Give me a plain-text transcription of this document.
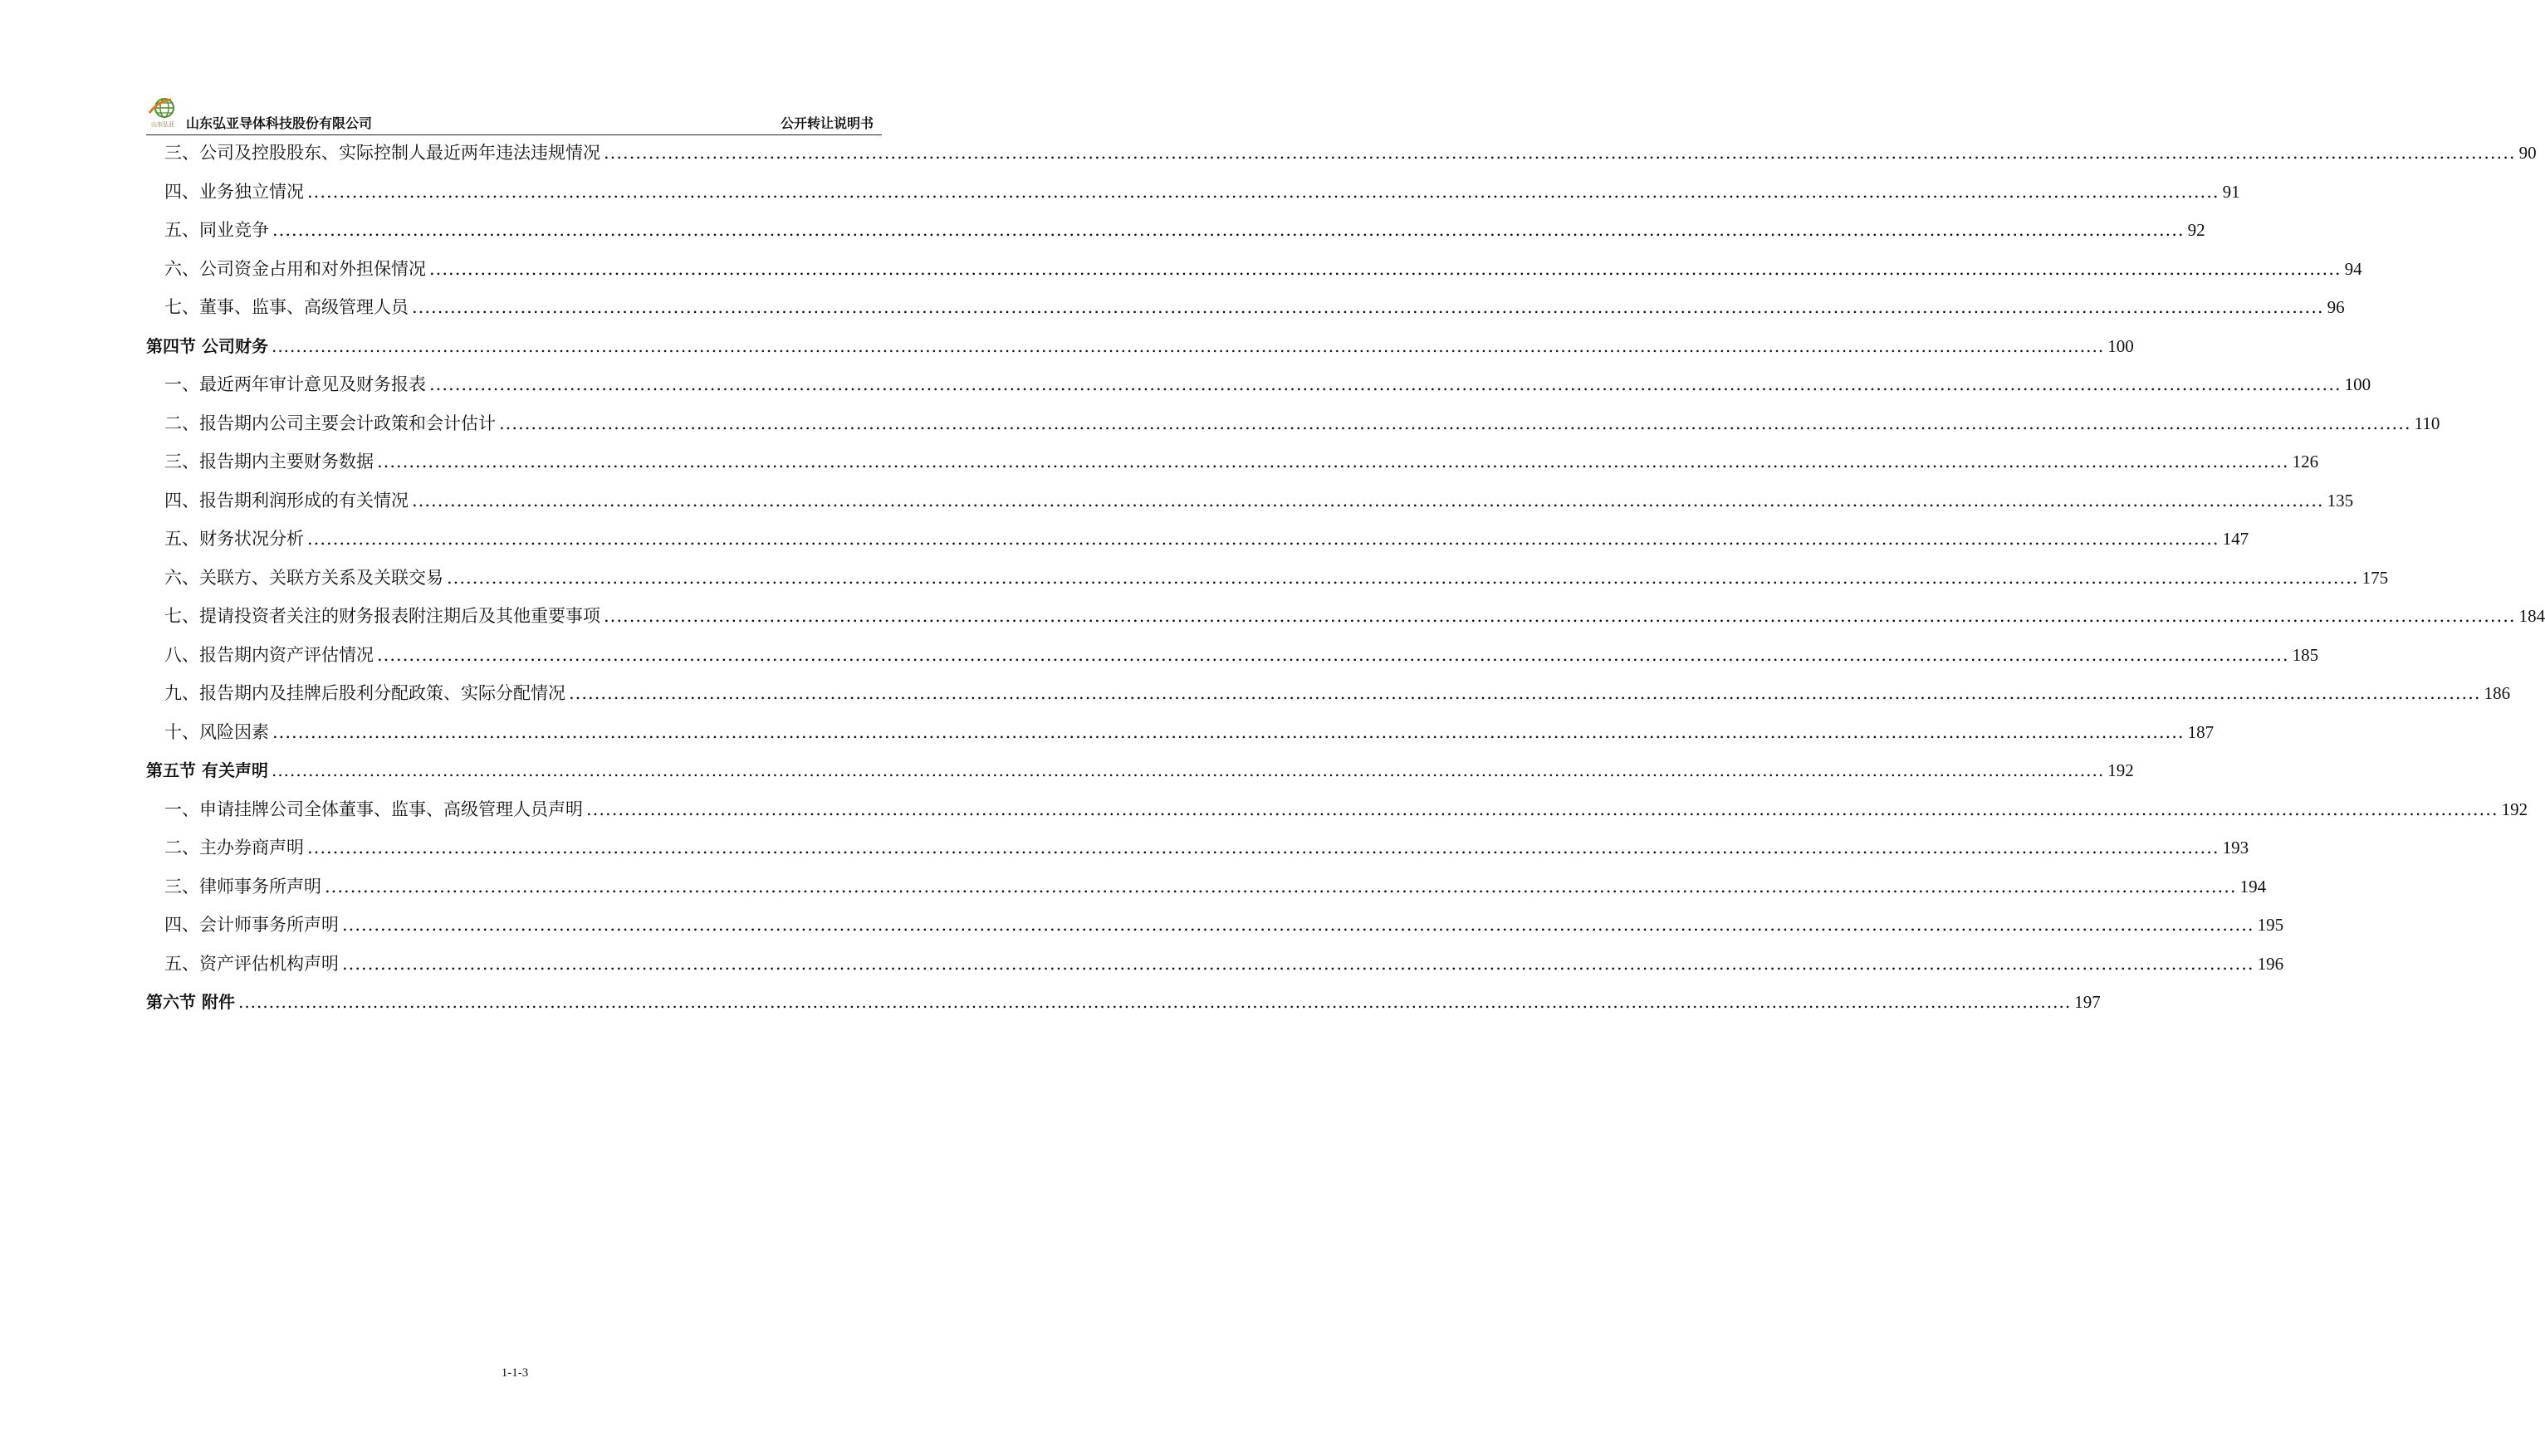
山东弘亚 山东弘亚导体科技股份有限公司	公开转让说明书
三、公司及控股股东、实际控制人最近两年违法违规情况 ............................................................................................................................................................................................................................................................................................................ 90
四、业务独立情况 ............................................................................................................................................................................................................................................................................................................ 91
五、同业竞争 ............................................................................................................................................................................................................................................................................................................ 92
六、公司资金占用和对外担保情况 ............................................................................................................................................................................................................................................................................................................ 94
七、董事、监事、高级管理人员 ............................................................................................................................................................................................................................................................................................................ 96
第四节 公司财务 ............................................................................................................................................................................................................................................................................................................ 100
一、最近两年审计意见及财务报表 ............................................................................................................................................................................................................................................................................................................ 100
二、报告期内公司主要会计政策和会计估计 ............................................................................................................................................................................................................................................................................................................ 110
三、报告期内主要财务数据 ............................................................................................................................................................................................................................................................................................................ 126
四、报告期利润形成的有关情况 ............................................................................................................................................................................................................................................................................................................ 135
五、财务状况分析 ............................................................................................................................................................................................................................................................................................................ 147
六、关联方、关联方关系及关联交易 ............................................................................................................................................................................................................................................................................................................ 175
七、提请投资者关注的财务报表附注期后及其他重要事项 ............................................................................................................................................................................................................................................................................................................ 184
八、报告期内资产评估情况 ............................................................................................................................................................................................................................................................................................................ 185
九、报告期内及挂牌后股利分配政策、实际分配情况 ............................................................................................................................................................................................................................................................................................................ 186
十、风险因素 ............................................................................................................................................................................................................................................................................................................ 187
第五节 有关声明 ............................................................................................................................................................................................................................................................................................................ 192
一、申请挂牌公司全体董事、监事、高级管理人员声明 ............................................................................................................................................................................................................................................................................................................ 192
二、主办券商声明 ............................................................................................................................................................................................................................................................................................................ 193
三、律师事务所声明 ............................................................................................................................................................................................................................................................................................................ 194
四、会计师事务所声明 ............................................................................................................................................................................................................................................................................................................ 195
五、资产评估机构声明 ............................................................................................................................................................................................................................................................................................................ 196
第六节 附件 ............................................................................................................................................................................................................................................................................................................ 197
1-1-3
